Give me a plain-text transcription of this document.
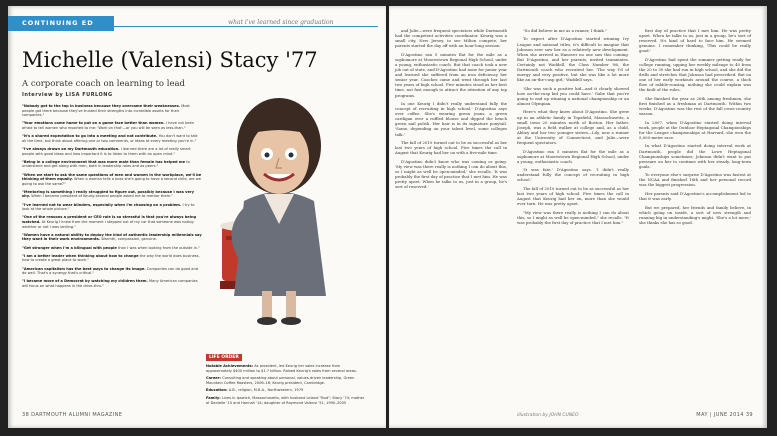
CONTINUING ED	what i've learned since graduation
Michelle (Valensi) Stacy '77
A corporate coach on learning to lead
Interview by LISA FURLONG

"Nobody got to the top in business because they overcame their weaknesses. Most people got there because they've trusted their strengths into incredible assets for their companies."

"Your emotions come home to put on a game face better than women. I have not been afraid to tell women who reported to me: 'Work on that'—or you will be seen as less-than."

"It's a shared expectation to go into a meeting and not contribute. You don't want to talk all the time, but think about offering one or two comments, or ideas at every meeting you're in."

"I've always drawn on my Dartmouth education. I learned there are a lot of really smart people with good ideas and how important it is to listen to them with an open mind."

"Being in a college environment that was more male than female has helped me to understand and get along with men, both in leadership roles and as peers."

"When we start to ask the same questions of men and women in the workplace, we'll be thinking of them equally. When a woman tells a boss she's going to have a second child, are we going to ask the same?"

"Mentoring is something I really struggled to figure out, possibly because I was very shy. When I became president of Keurig several people asked me to mentor them."

"I've learned not to wear blinders, especially when I'm choosing on a problem. I try to look at the whole picture."

"One of the reasons a president or CEO role is so stressful is that you're always being watched. At Keurig I knew from the moment I stepped out of my car that someone was noting whether or not I was smiling."

"Women have a natural ability to deploy the kind of authentic leadership millennials say they want in their work environments. Warmth, compassion, genuine.

"Get stronger when I'm a bilingual with people than I was when looking from the outside in."

"I am a better leader when thinking about how to change the way the world does business, how to create a great place to work."

"American capitalism has the best ways to change its image. Companies can do good and do well. That's a synergy that's critical."

"I became more of a Democrat by watching my children them. Many American companies will focus on what happens in the drive-thru."

LIFE ORDER

Notable Achievements: As president, led Keurig her sales increase from approximately $400 million to $1.7 billion. Raised Keurig's sales from several areas.

Career: Consulting and speaking about personal, values-driven leadership, Green Mountain Coffee Roasters, 2006–16; Keurig president, Cambridge.

Education: A.B., religion, M.B.A., Northwestern, 1979

Family: Lives in Ipswich, Massachusetts, with husband Leland "Bud"; Stacy '74; mother of Danielle '10 and Hannah '14; daughter of Raymond Valensi '51, 1990–2005

38 DARTMOUTH ALUMNI MAGAZINE

and Julie—were frequent spectators while Dartmouth had the competent activities coordinator. Keurig was a small city, New Jersey, to see Milton compete, her parents started the day off with an hour-long session.

D'Agostino ran 5 minutes flat for the mile as a sophomore at Moorestown Regional High School, under a young, enthusiastic coach. But that coach took a new job out of state, and D'Agostino had none for junior year and learned she suffered from an iron deficiency her senior year. Coaches came and went through her last two years of high school. Five minutes stood as her best time, not fast enough to attract the attention of any top programs.

In one Keurig I didn't really understand fully the concept of recruiting in high school,' D'Agostino says over coffee. She's wearing green jeans, a green cardigan over a ruffled blouse and dipped the bench green nail polish. Her hair is in its signature ponytail. 'Some, depending on your talent level, some colleges talk.'

The fall of 2010 turned out to be as successful as her last two years of high school. Five times the call in August that Keurig had her on with a five-mile time.

D'Agostino didn't know who was coming or going. 'My view was there really is nothing I can do about this, so I might as well be open-minded,' she recalls. 'It was probably the first day of practice that I met him. He was pretty upset. When he talks to us, just in a group, he's sort of reserved.'

"So did believe in me as a runner, I think."

To expect after D'Agostino started winning Ivy League and national titles, it's difficult to imagine that Johnson ever saw her as a relatively new development. When she arrived in Hanover no one saw this coming. But D'Agostino, and her parents, invited teammates. Certainly not Waddell, the Class Number '86, the Dartmouth coach who recruited her. 'The way I'd of energy and very positive, but she was like a lot more like an on-the-cusp girl,' Waddell says.

'She was such a positive kid—and it clearly showed how on-the-cusp kid you could have.' Gabe that you're going to end up winning a national championship or an almost Olympian.

Here's what they knew about D'Agostino. She grew up in an athletic family in Topsfield, Massachusetts, a small town 20 minutes north of Boston. Her father, Joseph, was a field walker at college and, as a child, Abbey and her two younger sisters—Lily, now a runner at the University of Connecticut, and Julie—were frequent spectators.

D'Agostino ran 5 minutes flat for the mile as a sophomore at Moorestown Regional High School, under a young, enthusiastic coach.

'It was fate,' D'Agostino says. 'I didn't really understand fully the concept of recruiting in high school.'

The fall of 2010 turned out to be as successful as her last two years of high school. Five times the call in August that Keurig had her on, more than she would ever turn. He was pretty upset.

"My view was there really is nothing I can do about this, so I might as well be open-minded," she recalls. "It was probably the first day of practice that I met him."

first day of practice that I met him. He was pretty upset. When he talks to us, just in a group, he's sort of reserved. It's kind of hard to face him. He seemed genuine. I remember thinking, 'This could be really good.'

D'Agostino had spent the summer getting ready for college running, upping her weekly mileage to 40 from the 20 to 30 she had run in high school, and she did the drills and stretches that Johnson had prescribed. But on one of her early workouts around the course, a thick flow of rabble-rousing, nothing she could explain was the fault of the rules.

She finished the year as 26th among freshmen, she first finished as a freshman at Dartmouth. Within two weeks, D'Agostino was the rest of the fall cross-country season.

In 2007, when D'Agostino started doing interval work, people at the Outdoor Heptagonal Championships for the League championships at Harvard, she won the 5,000-meter race.

In what D'Agostino started doing interval work at Dartmouth, people did the Lowe Heptagonal Championships sometimes; Johnson didn't want to put pressure on her to continue with her steady, long-term goals.

To everyone else's surprise D'Agostino was fastest at the NCAA and finished 16th and her personal record was the biggest progression.

Her parents said D'Agostino's accomplishment led to that it was early.

But we prepared, her friends and family believe, in which going on inside, a sort of new strength and running big in understanding's might. 'She's a lot more,' she thinks she has so good.

illustration by JOHN CUNEO	MAY | JUNE 2014 39
